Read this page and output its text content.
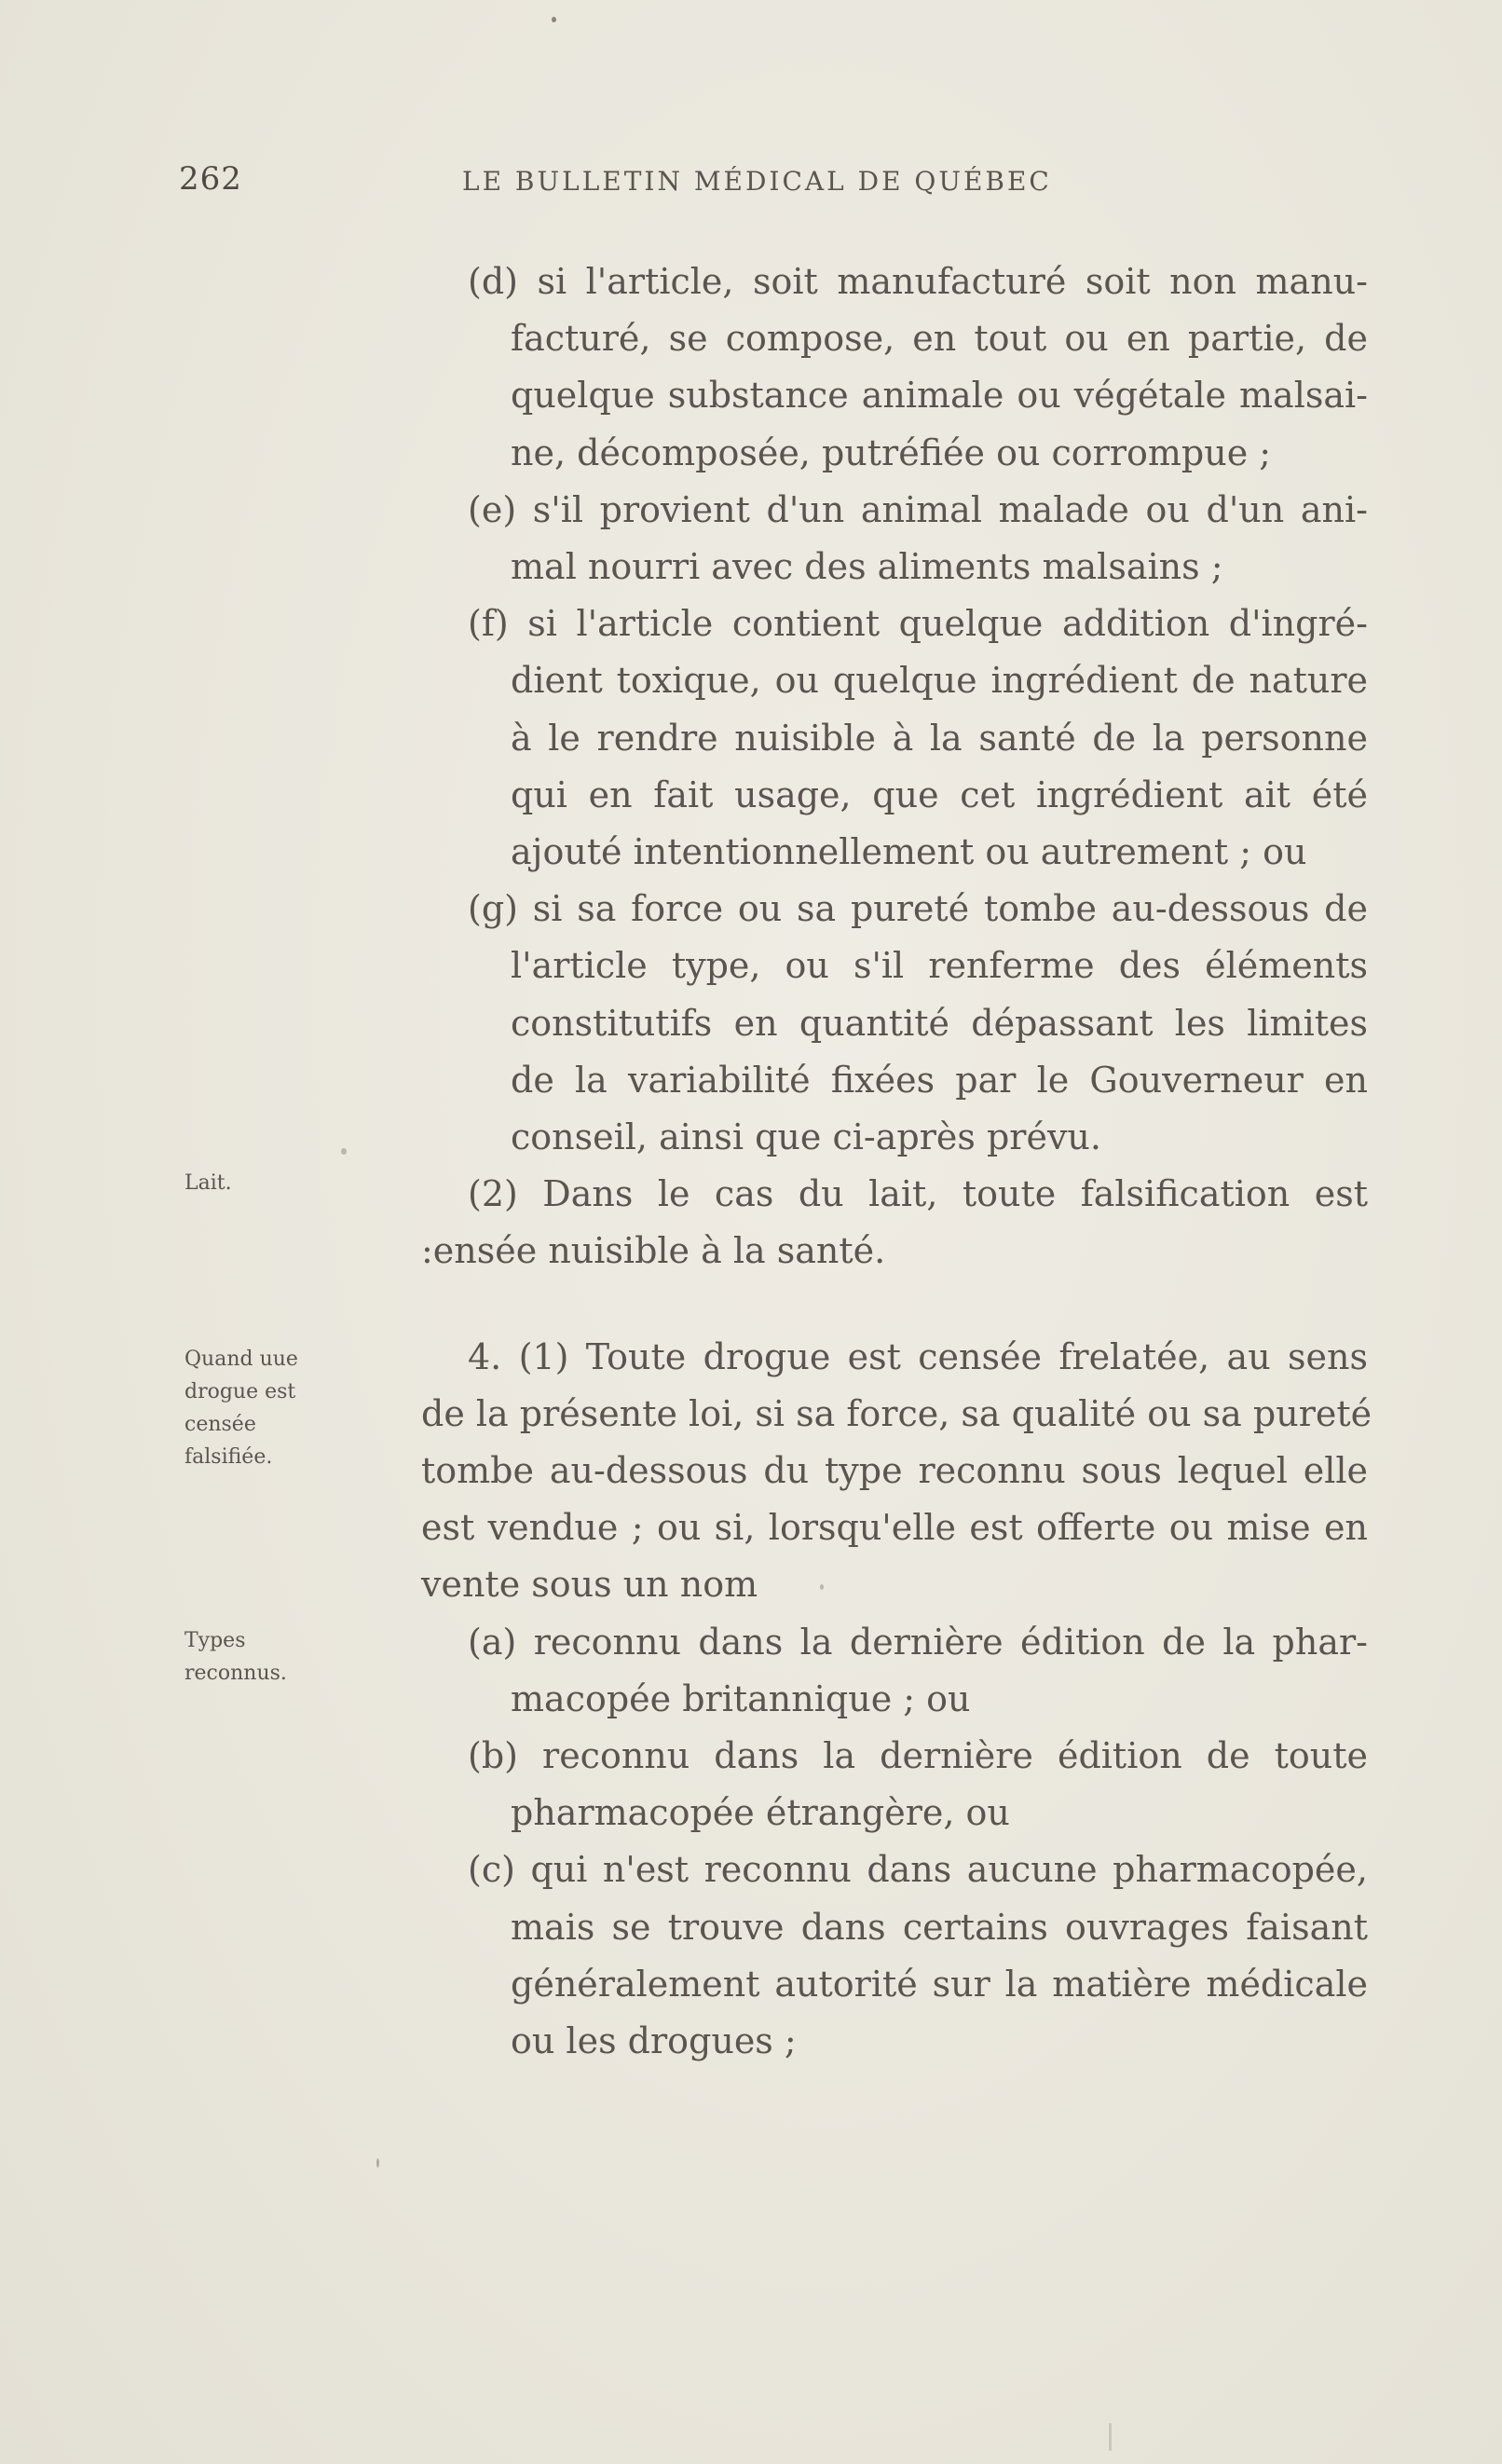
262	LE BULLETIN MÉDICAL DE QUÉBEC
Lait.
Quand uue
drogue est
censée
falsifiée.
Types
reconnus.
(d) si l'article, soit manufacturé soit non manu-
facturé, se compose, en tout ou en partie, de
quelque substance animale ou végétale malsai-
ne, décomposée, putréfiée ou corrompue ;
(e) s'il provient d'un animal malade ou d'un ani-
mal nourri avec des aliments malsains ;
(f) si l'article contient quelque addition d'ingré-
dient toxique, ou quelque ingrédient de nature
à le rendre nuisible à la santé de la personne
qui en fait usage, que cet ingrédient ait été
ajouté intentionnellement ou autrement ; ou
(g) si sa force ou sa pureté tombe au-dessous de
l'article type, ou s'il renferme des éléments
constitutifs en quantité dépassant les limites
de la variabilité fixées par le Gouverneur en
conseil, ainsi que ci-après prévu.
(2) Dans le cas du lait, toute falsification est
:ensée nuisible à la santé.
4. (1) Toute drogue est censée frelatée, au sens
de la présente loi, si sa force, sa qualité ou sa pureté
tombe au-dessous du type reconnu sous lequel elle
est vendue ; ou si, lorsqu'elle est offerte ou mise en
vente sous un nom
(a) reconnu dans la dernière édition de la phar-
macopée britannique ; ou
(b) reconnu dans la dernière édition de toute
pharmacopée étrangère, ou
(c) qui n'est reconnu dans aucune pharmacopée,
mais se trouve dans certains ouvrages faisant
généralement autorité sur la matière médicale
ou les drogues ;
